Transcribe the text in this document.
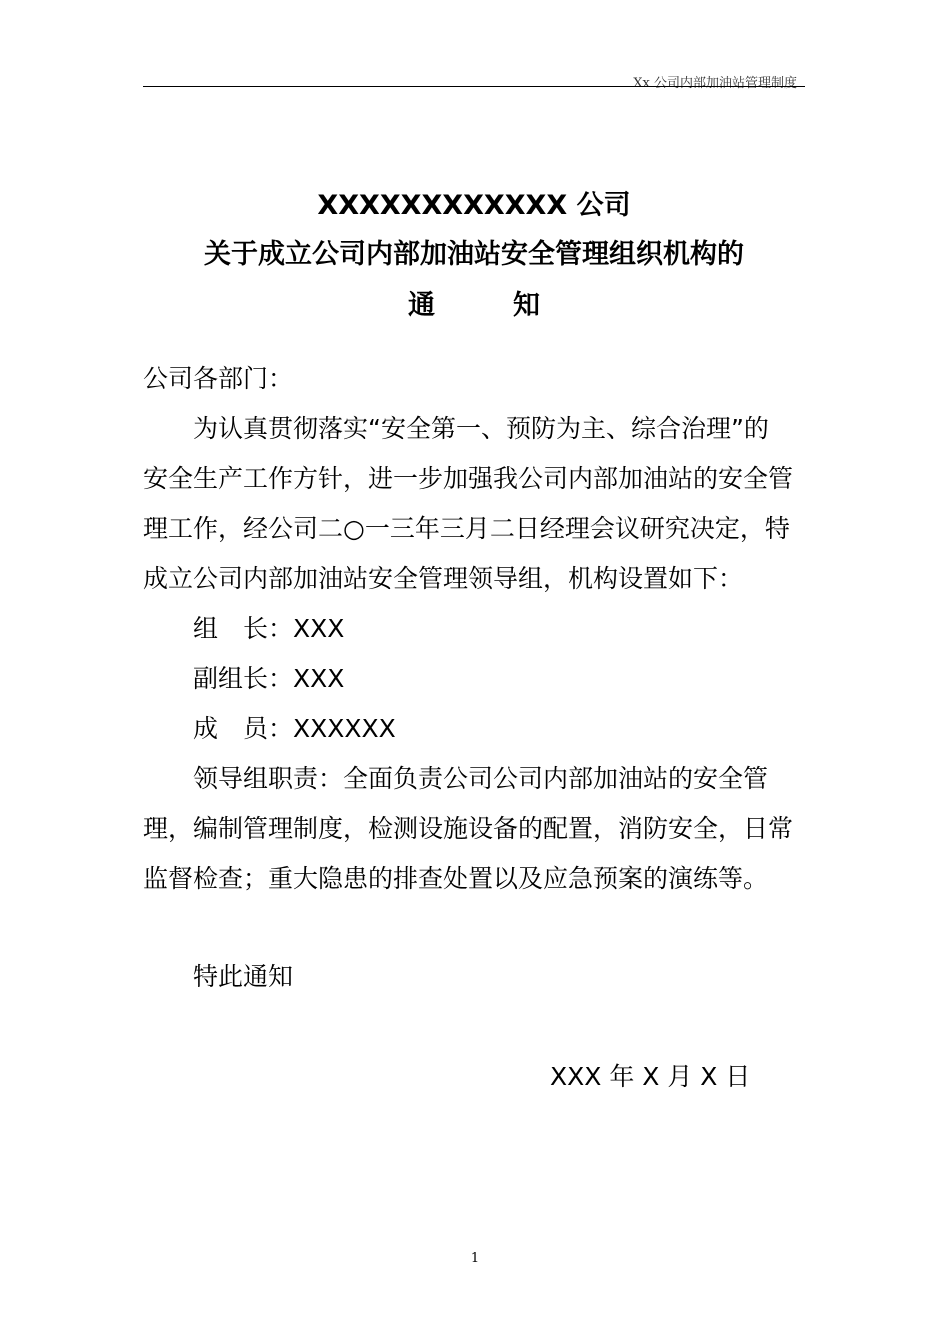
Xx 公司内部加油站管理制度
XXXXXXXXXXXX 公司
关于成立公司内部加油站安全管理组织机构的
通	知
公司各部门：
为认真贯彻落实“安全第一、预防为主、综合治理”的
安全生产工作方针，进一步加强我公司内部加油站的安全管
理工作，经公司二○一三年三月二日经理会议研究决定，特
成立公司内部加油站安全管理领导组，机构设置如下：
组 长：XXX
副组长：XXX
成 员：XXXXXX
领导组职责：全面负责公司公司内部加油站的安全管
理，编制管理制度，检测设施设备的配置，消防安全，日常
监督检查；重大隐患的排查处置以及应急预案的演练等。
特此通知
XXX 年 X 月 X 日
1
